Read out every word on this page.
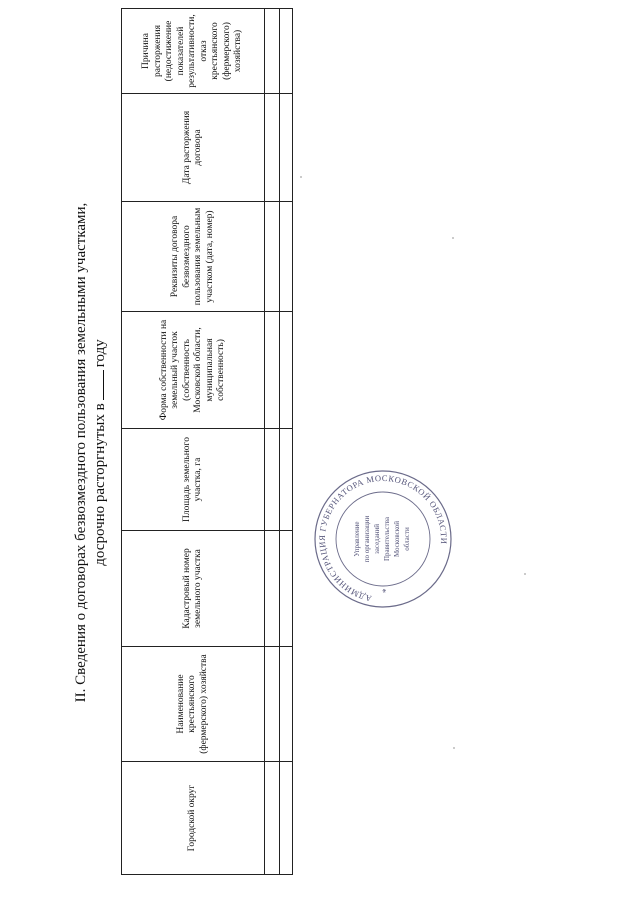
II. Сведения о договорах безвозмездного пользования земельными участками, досрочно расторгнутых вгоду
Городской округ	Наименование крестьянского (фермерского) хозяйства	Кадастровый номер земельного участка	Площадь земельного участка, га	Форма собственности на земельный участок (собственность Московской области, муниципальная собственность)	Реквизиты договора безвозмездного пользования земельным участком (дата, номер)	Дата расторжения договора	Причина расторжения (недостижение показателей результативности, отказ крестьянского (фермерского) хозяйства)

АДМИНИСТРАЦИЯ ГУБЕРНАТОРА МОСКОВСКОЙ ОБЛАСТИ
*
Управление по организации заседаний Правительства Московской области
